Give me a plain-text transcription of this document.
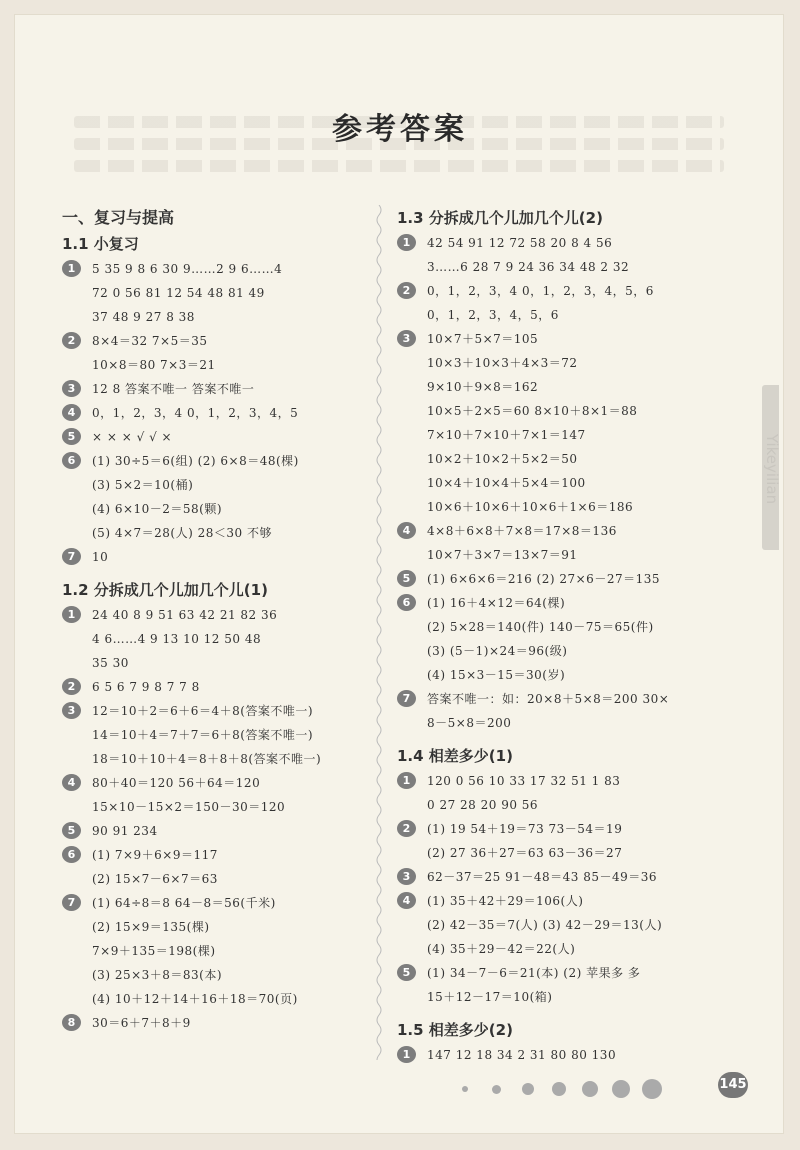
参考答案
一、复习与提高
1.1 小复习
1	5 35 9 8 6 30 9……2 9 6……4
72 0 56 81 12 54 48 81 49
37 48 9 27 8 38
2	8×4＝32 7×5＝35
10×8＝80 7×3＝21
3	12 8 答案不唯一 答案不唯一
4	0，1，2，3，4 0，1，2，3，4，5
5	× × × √ √ ×
6	(1) 30÷5＝6(组) (2) 6×8＝48(棵)
(3) 5×2＝10(桶)
(4) 6×10－2＝58(颗)
(5) 4×7＝28(人) 28＜30 不够
7	10
1.2 分拆成几个儿加几个儿(1)
1	24 40 8 9 51 63 42 21 82 36
4 6……4 9 13 10 12 50 48
35 30
2	6 5 6 7 9 8 7 7 8
3	12＝10＋2＝6＋6＝4＋8(答案不唯一)
14＝10＋4＝7＋7＝6＋8(答案不唯一)
18＝10＋10＋4＝8＋8＋8(答案不唯一)
4	80＋40＝120 56＋64＝120
15×10－15×2＝150－30＝120
5	90 91 234
6	(1) 7×9＋6×9＝117
(2) 15×7－6×7＝63
7	(1) 64÷8＝8 64－8＝56(千米)
(2) 15×9＝135(棵)
7×9＋135＝198(棵)
(3) 25×3＋8＝83(本)
(4) 10＋12＋14＋16＋18＝70(页)
8	30＝6＋7＋8＋9
1.3 分拆成几个儿加几个儿(2)
1	42 54 91 12 72 58 20 8 4 56
3……6 28 7 9 24 36 34 48 2 32
2	0，1，2，3，4 0，1，2，3，4，5，6
0，1，2，3，4，5，6
3	10×7＋5×7＝105
10×3＋10×3＋4×3＝72
9×10＋9×8＝162
10×5＋2×5＝60 8×10＋8×1＝88
7×10＋7×10＋7×1＝147
10×2＋10×2＋5×2＝50
10×4＋10×4＋5×4＝100
10×6＋10×6＋10×6＋1×6＝186
4	4×8＋6×8＋7×8＝17×8＝136
10×7＋3×7＝13×7＝91
5	(1) 6×6×6＝216 (2) 27×6－27＝135
6	(1) 16＋4×12＝64(棵)
(2) 5×28＝140(件) 140－75＝65(件)
(3) (5－1)×24＝96(级)
(4) 15×3－15＝30(岁)
7	答案不唯一：如：20×8＋5×8＝200 30×
8－5×8＝200
1.4 相差多少(1)
1	120 0 56 10 33 17 32 51 1 83
0 27 28 20 90 56
2	(1) 19 54＋19＝73 73－54＝19
(2) 27 36＋27＝63 63－36＝27
3	62－37＝25 91－48＝43 85－49＝36
4	(1) 35＋42＋29＝106(人)
(2) 42－35＝7(人) (3) 42－29＝13(人)
(4) 35＋29－42＝22(人)
5	(1) 34－7－6＝21(本) (2) 苹果多 多
15＋12－17＝10(箱)
1.5 相差多少(2)
1	147 12 18 34 2 31 80 80 130
Yikeyilian
145
